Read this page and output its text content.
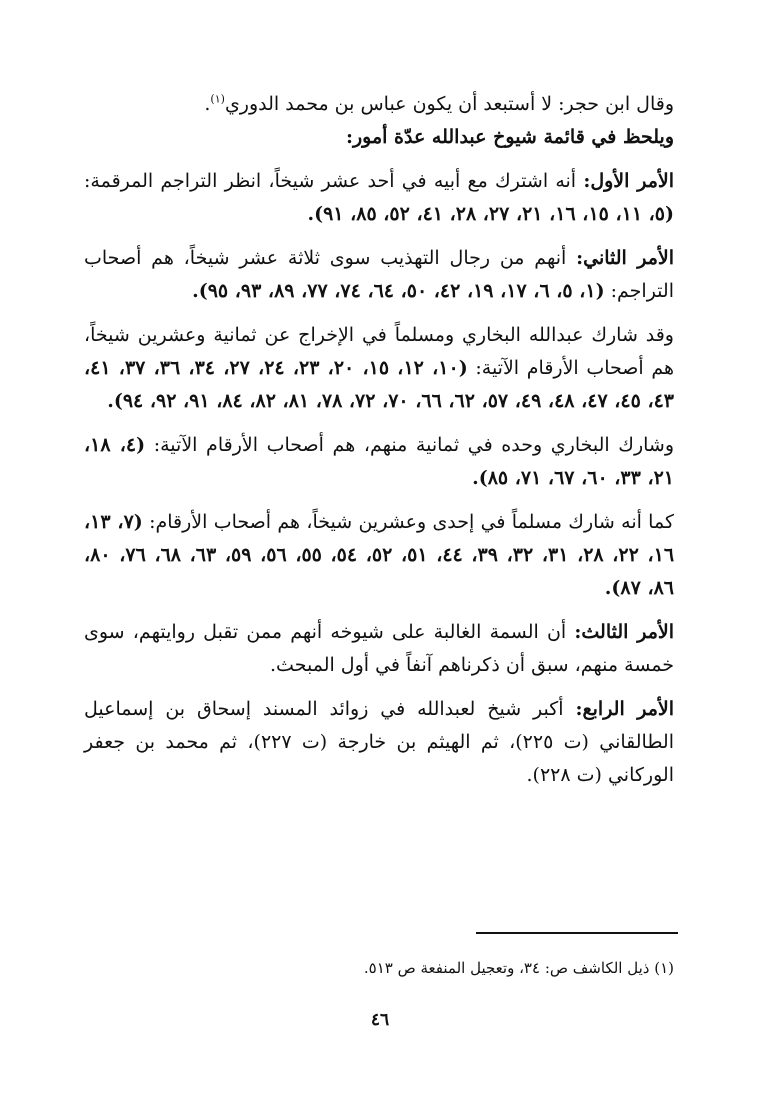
وقال ابن حجر: لا أستبعد أن يكون عباس بن محمد الدوري$^{(١)}$.

ويلحظ في قائمة شيوخ عبدالله عدّة أمور:

الأمر الأول: أنه اشترك مع أبيه في أحد عشر شيخاً، انظر التراجم المرقمة: (٥، ١١، ١٥، ١٦، ٢١، ٢٧، ٢٨، ٤١، ٥٢، ٨٥، ٩١).

الأمر الثاني: أنهم من رجال التهذيب سوى ثلاثة عشر شيخاً، هم أصحاب التراجم: (١، ٥، ٦، ١٧، ١٩، ٤٢، ٥٠، ٦٤، ٧٤، ٧٧، ٨٩، ٩٣، ٩٥).

وقد شارك عبدالله البخاري ومسلماً في الإخراج عن ثمانية وعشرين شيخاً، هم أصحاب الأرقام الآتية: (١٠، ١٢، ١٥، ٢٠، ٢٣، ٢٤، ٢٧، ٣٤، ٣٦، ٣٧، ٤١، ٤٣، ٤٥، ٤٧، ٤٨، ٤٩، ٥٧، ٦٢، ٦٦، ٧٠، ٧٢، ٧٨، ٨١، ٨٢، ٨٤، ٩١، ٩٢، ٩٤).

وشارك البخاري وحده في ثمانية منهم، هم أصحاب الأرقام الآتية: (٤، ١٨، ٢١، ٣٣، ٦٠، ٦٧، ٧١، ٨٥).

كما أنه شارك مسلماً في إحدى وعشرين شيخاً، هم أصحاب الأرقام: (٧، ١٣، ١٦، ٢٢، ٢٨، ٣١، ٣٢، ٣٩، ٤٤، ٥١، ٥٢، ٥٤، ٥٥، ٥٦، ٥٩، ٦٣، ٦٨، ٧٦، ٨٠، ٨٦، ٨٧).

الأمر الثالث: أن السمة الغالبة على شيوخه أنهم ممن تقبل روايتهم، سوى خمسة منهم، سبق أن ذكرناهم آنفاً في أول المبحث.

الأمر الرابع: أكبر شيخ لعبدالله في زوائد المسند إسحاق بن إسماعيل الطالقاني (ت ٢٢٥)، ثم الهيثم بن خارجة (ت ٢٢٧)، ثم محمد بن جعفر الوركاني (ت ٢٢٨).

(١) ذيل الكاشف ص: ٣٤، وتعجيل المنفعة ص ٥١٣.
٤٦
